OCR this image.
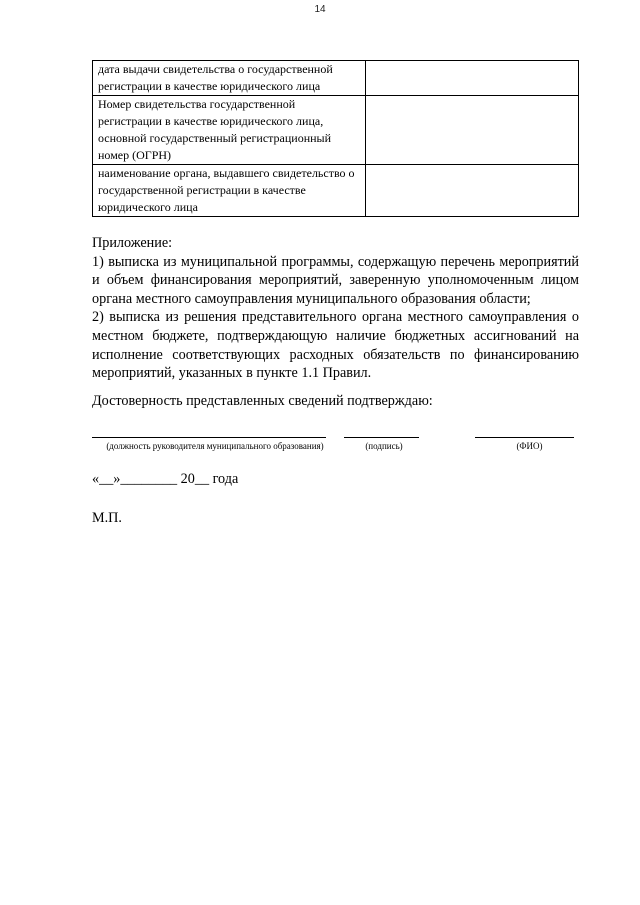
14
дата выдачи свидетельства о государственной регистрации в качестве юридического лица	
Номер свидетельства государственной регистрации в качестве юридического лица, основной государственный регистрационный номер (ОГРН)	
наименование органа, выдавшего свидетельство о государственной регистрации в качестве юридического лица	

Приложение:

1) выписка из муниципальной программы, содержащую перечень мероприятий и объем финансирования мероприятий, заверенную уполномоченным лицом органа местного самоуправления муниципального образования области;

2) выписка из решения представительного органа местного самоуправления о местном бюджете, подтверждающую наличие бюджетных ассигнований на исполнение соответствующих расходных обязательств по финансированию мероприятий, указанных в пункте 1.1 Правил.

Достоверность представленных сведений подтверждаю:
(должность руководителя муниципального образования)	(подпись)	(ФИО)
«__»________ 20__ года
М.П.
